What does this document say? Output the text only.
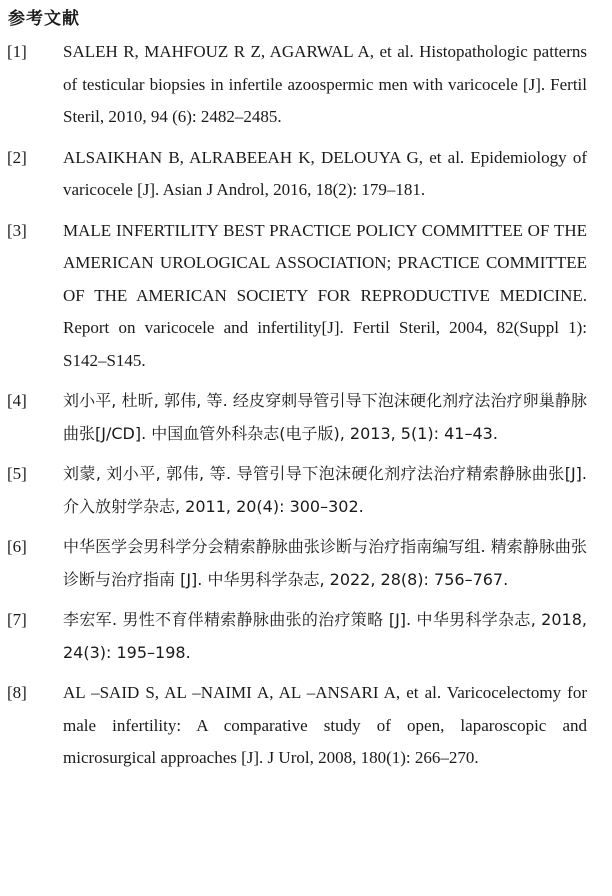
参考文献
[1] SALEH R, MAHFOUZ R Z, AGARWAL A, et al. Histopathologic patterns of testicular biopsies in infertile azoospermic men with varicocele [J]. Fertil Steril, 2010, 94 (6): 2482–2485.
[2] ALSAIKHAN B, ALRABEEAH K, DELOUYA G, et al. Epidemiology of varicocele [J]. Asian J Androl, 2016, 18(2): 179–181.
[3] MALE INFERTILITY BEST PRACTICE POLICY COMMITTEE OF THE AMERICAN UROLOGICAL ASSOCIATION; PRACTICE COMMITTEE OF THE AMERICAN SOCIETY FOR REPRODUCTIVE MEDICINE. Report on varicocele and infertility[J]. Fertil Steril, 2004, 82(Suppl 1): S142–S145.
[4] 刘小平, 杜昕, 郭伟, 等. 经皮穿刺导管引导下泡沫硬化剂疗法治疗卵巢静脉曲张[J/CD]. 中国血管外科杂志(电子版), 2013, 5(1): 41–43.
[5] 刘蒙, 刘小平, 郭伟, 等. 导管引导下泡沫硬化剂疗法治疗精索静脉曲张[J]. 介入放射学杂志, 2011, 20(4): 300–302.
[6] 中华医学会男科学分会精索静脉曲张诊断与治疗指南编写组. 精索静脉曲张诊断与治疗指南 [J]. 中华男科学杂志, 2022, 28(8): 756–767.
[7] 李宏军. 男性不育伴精索静脉曲张的治疗策略 [J]. 中华男科学杂志, 2018, 24(3): 195–198.
[8] AL –SAID S, AL –NAIMI A, AL –ANSARI A, et al. Varicocelectomy for male infertility: A comparative study of open, laparoscopic and microsurgical approaches [J]. J Urol, 2008, 180(1): 266–270.
